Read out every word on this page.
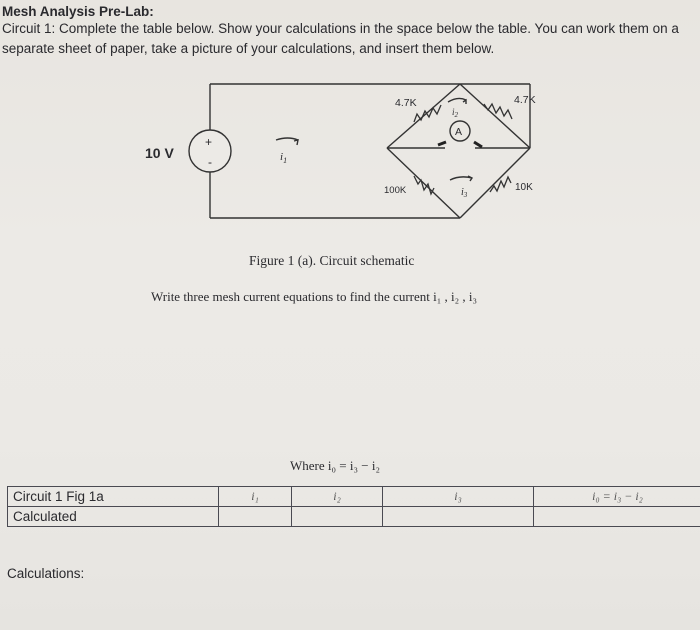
Mesh Analysis Pre-Lab:
Circuit 1: Complete the table below. Show your calculations in the space below the table. You can work them on a
separate sheet of paper, take a picture of your calculations, and insert them below.
10 V
+
-
4.7K	4.7K
100K	10K
A
$i_1$
$i_2$
$i_3$
Figure 1 (a). Circuit schematic
Write three mesh current equations to find the current i₁ , i₂ , i₃
Where i₀ = i₃ − i₂
Circuit 1 Fig 1a	i₁	i₂	i₃	i₀ = i₃ − i₂
Calculated				
Calculations:
